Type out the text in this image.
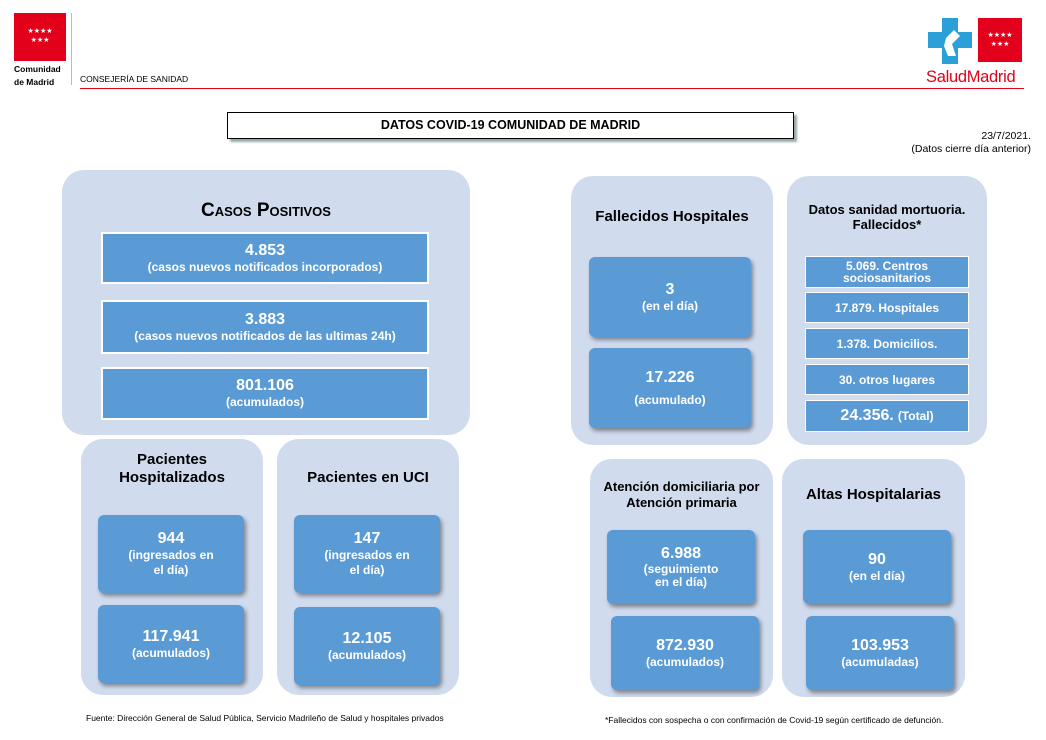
★★★★
★★★
Comunidad
de Madrid	CONSEJERÍA DE SANIDAD
★★★★
★★★
SaludMadrid
DATOS COVID-19 COMUNIDAD DE MADRID
23/7/2021.
(Datos cierre día anterior)
Casos Positivos
4.853
(casos nuevos notificados incorporados)
3.883
(casos nuevos notificados de las ultimas 24h)
801.106
(acumulados)
Pacientes
Hospitalizados
944
(ingresados en
el día)
117.941
(acumulados)
Pacientes en UCI
147
(ingresados en
el día)
12.105
(acumulados)
Fallecidos Hospitales
3
(en el día)
17.226
(acumulado)
Datos sanidad mortuoria.
Fallecidos*
5.069. Centros
sociosanitarios
17.879. Hospitales
1.378. Domicilios.
30. otros lugares
24.356. (Total)
Atención domiciliaria por
Atención primaria
6.988
(seguimiento
en el día)
872.930
(acumulados)
Altas Hospitalarias
90
(en el día)
103.953
(acumuladas)
Fuente: Dirección General de Salud Pública, Servicio Madrileño de Salud y hospitales privados	*Fallecidos con sospecha o con confirmación de Covid-19 según certificado de defunción.
